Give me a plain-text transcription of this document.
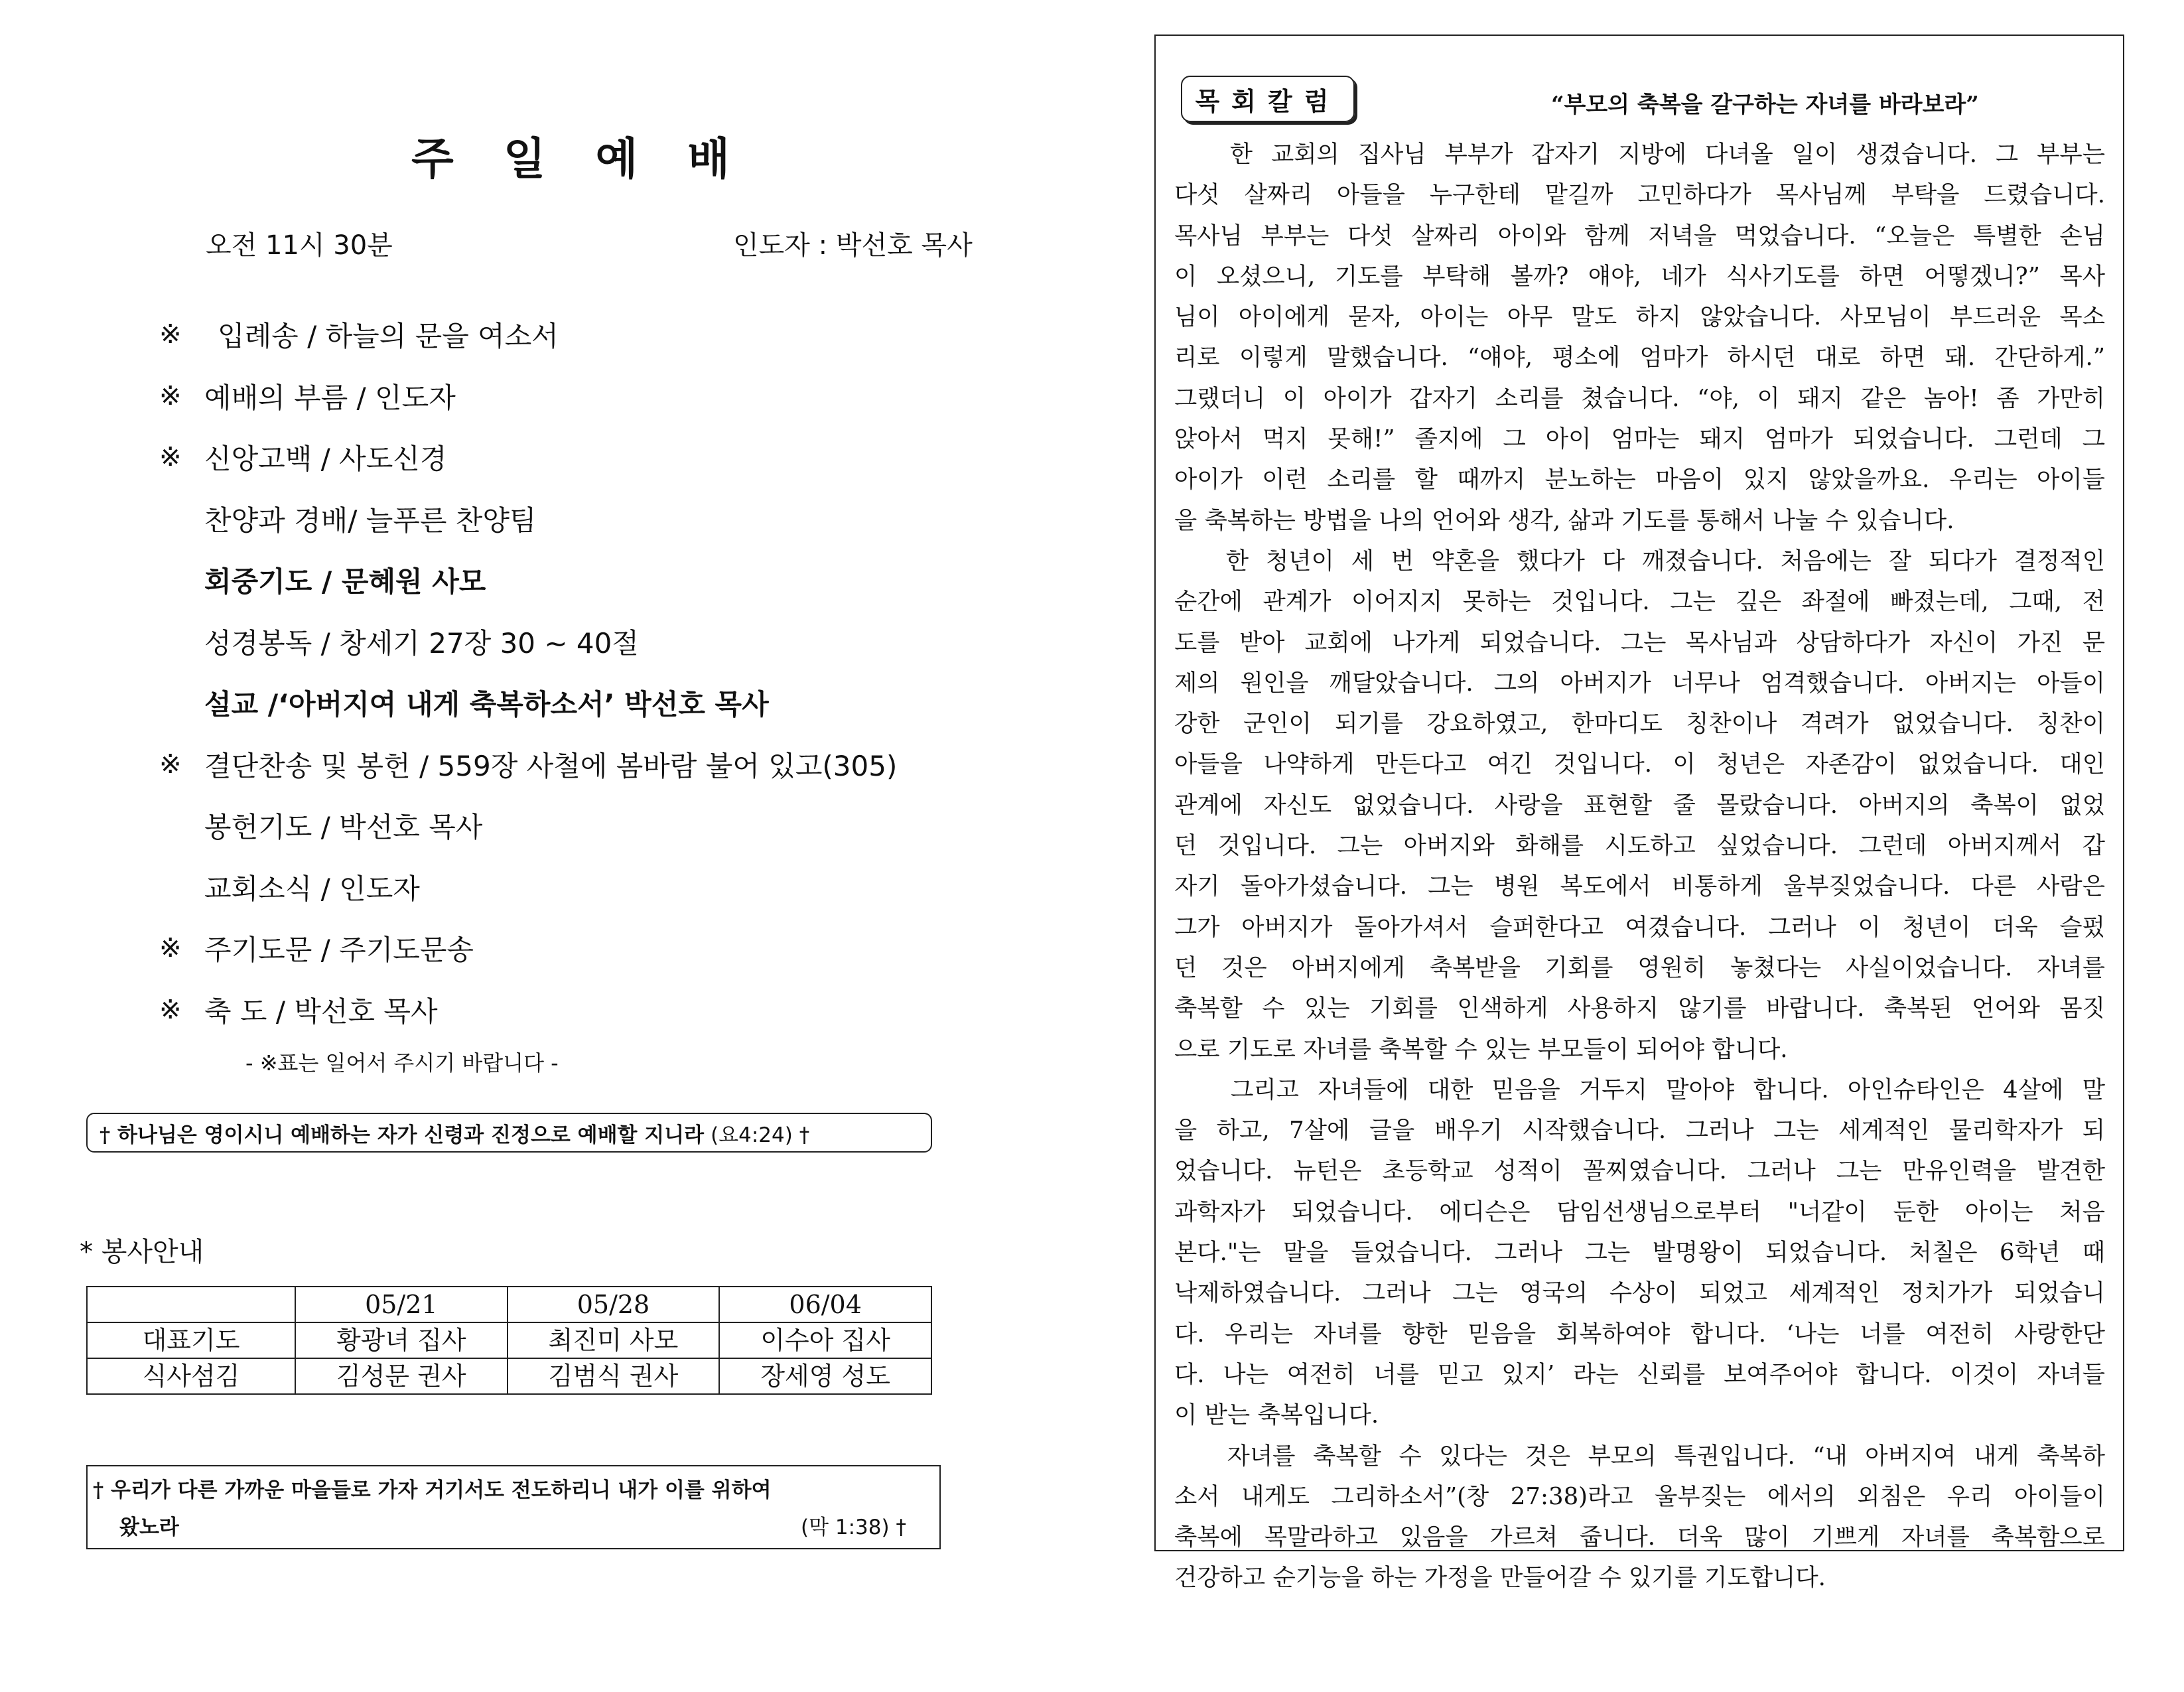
주 일 예 배
오전 11시 30분	인도자 : 박선호 목사
※	입례송 / 하늘의 문을 여소서
※ 예배의 부름 / 인도자
※ 신앙고백 / 사도신경
찬양과 경배/ 늘푸른 찬양팀
회중기도 / 문혜원 사모
성경봉독 / 창세기 27장 30 ~ 40절
설교 /‘아버지여 내게 축복하소서’ 박선호 목사
※ 결단찬송 및 봉헌 / 559장 사철에 봄바람 불어 있고(305)
봉헌기도 / 박선호 목사
교회소식 / 인도자
※ 주기도문 / 주기도문송
※ 축 도 / 박선호 목사
- ※표는 일어서 주시기 바랍니다 -
† 하나님은 영이시니 예배하는 자가 신령과 진정으로 예배할 지니라 (요4:24) †
* 봉사안내
	05/21	05/28	06/04
대표기도	황광녀 집사	최진미 사모	이수아 집사
식사섬김	김성문 권사	김범식 권사	장세영 성도
† 우리가 다른 가까운 마을들로 가자 거기서도 전도하리니 내가 이를 위하여
왔노라	(막 1:38) †
목회칼럼	“부모의 축복을 갈구하는 자녀를 바라보라”
한 교회의 집사님 부부가 갑자기 지방에 다녀올 일이 생겼습니다. 그 부부는
다섯 살짜리 아들을 누구한테 맡길까 고민하다가 목사님께 부탁을 드렸습니다.
목사님 부부는 다섯 살짜리 아이와 함께 저녁을 먹었습니다. “오늘은 특별한 손님
이 오셨으니, 기도를 부탁해 볼까? 얘야, 네가 식사기도를 하면 어떻겠니?” 목사
님이 아이에게 묻자, 아이는 아무 말도 하지 않았습니다. 사모님이 부드러운 목소
리로 이렇게 말했습니다. “얘야, 평소에 엄마가 하시던 대로 하면 돼. 간단하게.”
그랬더니 이 아이가 갑자기 소리를 쳤습니다. “야, 이 돼지 같은 놈아! 좀 가만히
앉아서 먹지 못해!” 졸지에 그 아이 엄마는 돼지 엄마가 되었습니다. 그런데 그
아이가 이런 소리를 할 때까지 분노하는 마음이 있지 않았을까요. 우리는 아이들
을 축복하는 방법을 나의 언어와 생각, 삶과 기도를 통해서 나눌 수 있습니다.
한 청년이 세 번 약혼을 했다가 다 깨졌습니다. 처음에는 잘 되다가 결정적인
순간에 관계가 이어지지 못하는 것입니다. 그는 깊은 좌절에 빠졌는데, 그때, 전
도를 받아 교회에 나가게 되었습니다. 그는 목사님과 상담하다가 자신이 가진 문
제의 원인을 깨달았습니다. 그의 아버지가 너무나 엄격했습니다. 아버지는 아들이
강한 군인이 되기를 강요하였고, 한마디도 칭찬이나 격려가 없었습니다. 칭찬이
아들을 나약하게 만든다고 여긴 것입니다. 이 청년은 자존감이 없었습니다. 대인
관계에 자신도 없었습니다. 사랑을 표현할 줄 몰랐습니다. 아버지의 축복이 없었
던 것입니다. 그는 아버지와 화해를 시도하고 싶었습니다. 그런데 아버지께서 갑
자기 돌아가셨습니다. 그는 병원 복도에서 비통하게 울부짖었습니다. 다른 사람은
그가 아버지가 돌아가셔서 슬퍼한다고 여겼습니다. 그러나 이 청년이 더욱 슬펐
던 것은 아버지에게 축복받을 기회를 영원히 놓쳤다는 사실이었습니다. 자녀를
축복할 수 있는 기회를 인색하게 사용하지 않기를 바랍니다. 축복된 언어와 몸짓
으로 기도로 자녀를 축복할 수 있는 부모들이 되어야 합니다.
그리고 자녀들에 대한 믿음을 거두지 말아야 합니다. 아인슈타인은 4살에 말
을 하고, 7살에 글을 배우기 시작했습니다. 그러나 그는 세계적인 물리학자가 되
었습니다. 뉴턴은 초등학교 성적이 꼴찌였습니다. 그러나 그는 만유인력을 발견한
과학자가 되었습니다. 에디슨은 담임선생님으로부터 "너같이 둔한 아이는 처음
본다."는 말을 들었습니다. 그러나 그는 발명왕이 되었습니다. 처칠은 6학년 때
낙제하였습니다. 그러나 그는 영국의 수상이 되었고 세계적인 정치가가 되었습니
다. 우리는 자녀를 향한 믿음을 회복하여야 합니다. ‘나는 너를 여전히 사랑한단
다. 나는 여전히 너를 믿고 있지’ 라는 신뢰를 보여주어야 합니다. 이것이 자녀들
이 받는 축복입니다.
자녀를 축복할 수 있다는 것은 부모의 특권입니다. “내 아버지여 내게 축복하
소서 내게도 그리하소서”(창 27:38)라고 울부짖는 에서의 외침은 우리 아이들이
축복에 목말라하고 있음을 가르쳐 줍니다. 더욱 많이 기쁘게 자녀를 축복함으로
건강하고 순기능을 하는 가정을 만들어갈 수 있기를 기도합니다.
